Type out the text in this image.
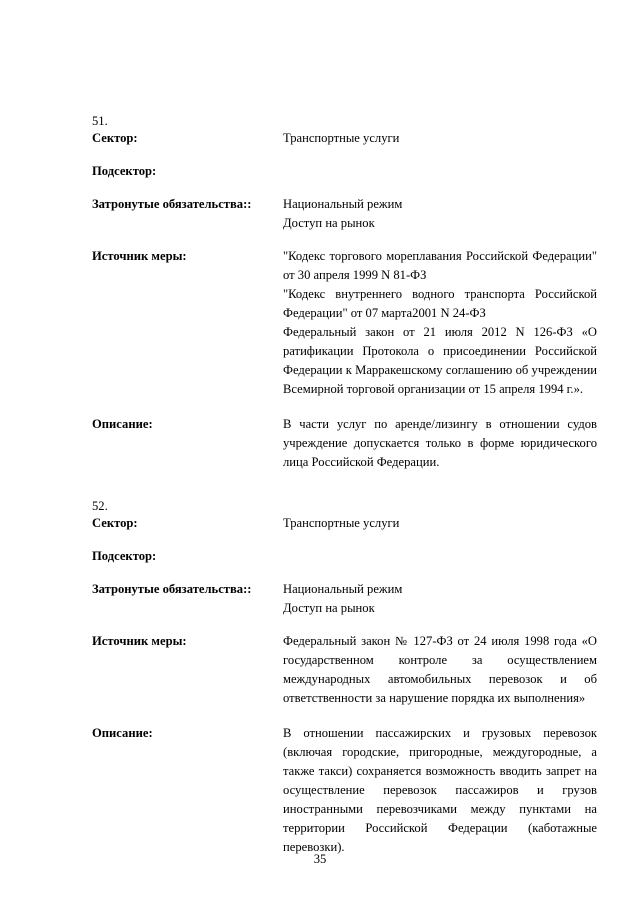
51.
Сектор:	Транспортные услуги
Подсектор:
Затронутые обязательства::	Национальный режим
Доступ на рынок
Источник меры:	"Кодекс торгового мореплавания Российской Федерации" от 30 апреля 1999 N 81-ФЗ
"Кодекс внутреннего водного транспорта Российской Федерации" от 07 марта2001 N 24-ФЗ
Федеральный закон от 21 июля 2012 N 126-ФЗ «О ратификации Протокола о присоединении Российской Федерации к Марракешскому соглашению об учреждении Всемирной торговой организации от 15 апреля 1994 г.».
Описание:	В части услуг по аренде/лизингу в отношении судов учреждение допускается только в форме юридического лица Российской Федерации.
52.
Сектор:	Транспортные услуги
Подсектор:
Затронутые обязательства::	Национальный режим
Доступ на рынок
Источник меры:	Федеральный закон № 127-ФЗ от 24 июля 1998 года «О государственном контроле за осуществлением международных автомобильных перевозок и об ответственности за нарушение порядка их выполнения»
Описание:	В отношении пассажирских и грузовых перевозок (включая городские, пригородные, междугородные, а также такси) сохраняется возможность вводить запрет на осуществление перевозок пассажиров и грузов иностранными перевозчиками между пунктами на территории Российской Федерации (каботажные перевозки).
35
